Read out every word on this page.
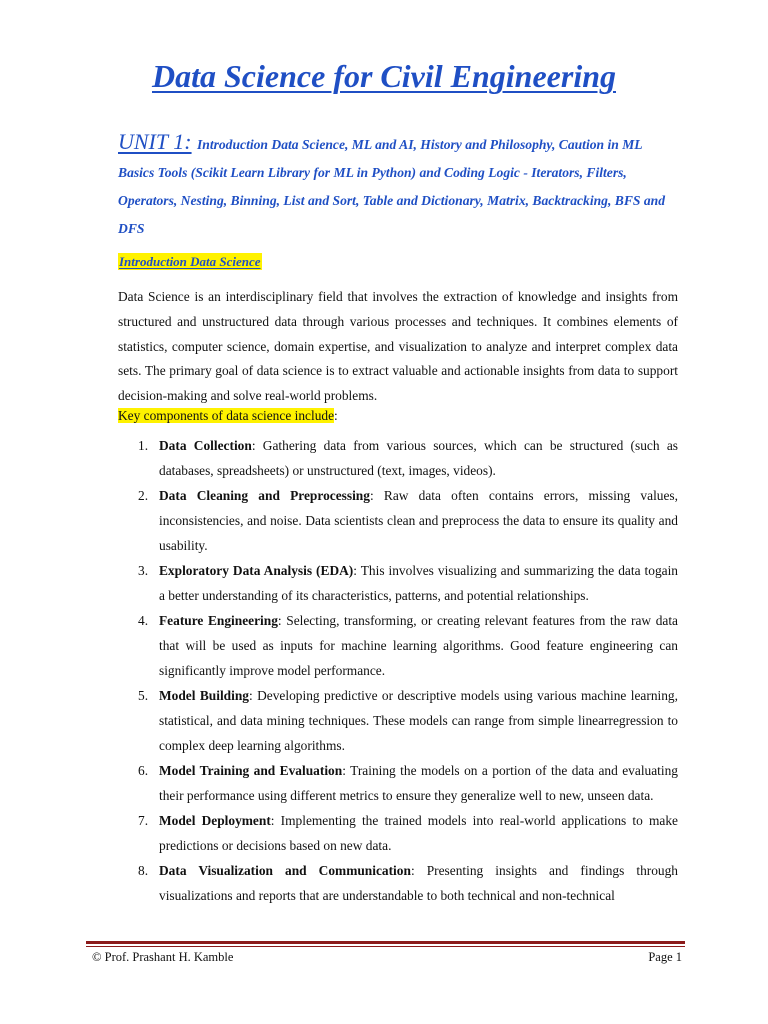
Data Science for Civil Engineering

UNIT 1: Introduction Data Science, ML and AI, History and Philosophy, Caution in ML Basics Tools (Scikit Learn Library for ML in Python) and Coding Logic - Iterators, Filters, Operators, Nesting, Binning, List and Sort, Table and Dictionary, Matrix, Backtracking, BFS and DFS

Introduction Data Science

Data Science is an interdisciplinary field that involves the extraction of knowledge and insights from structured and unstructured data through various processes and techniques. It combines elements of statistics, computer science, domain expertise, and visualization to analyze and interpret complex data sets. The primary goal of data science is to extract valuable and actionable insights from data to support decision-making and solve real-world problems.

Key components of data science include:

1. Data Collection: Gathering data from various sources, which can be structured (such as databases, spreadsheets) or unstructured (text, images, videos).
2. Data Cleaning and Preprocessing: Raw data often contains errors, missing values, inconsistencies, and noise. Data scientists clean and preprocess the data to ensure its quality and usability.
3. Exploratory Data Analysis (EDA): This involves visualizing and summarizing the data togain a better understanding of its characteristics, patterns, and potential relationships.
4. Feature Engineering: Selecting, transforming, or creating relevant features from the raw data that will be used as inputs for machine learning algorithms. Good feature engineering can significantly improve model performance.
5. Model Building: Developing predictive or descriptive models using various machine learning, statistical, and data mining techniques. These models can range from simple linearregression to complex deep learning algorithms.
6. Model Training and Evaluation: Training the models on a portion of the data and evaluating their performance using different metrics to ensure they generalize well to new, unseen data.
7. Model Deployment: Implementing the trained models into real-world applications to make predictions or decisions based on new data.
8. Data Visualization and Communication: Presenting insights and findings through visualizations and reports that are understandable to both technical and non-technical
© Prof. Prashant H. Kamble	Page 1
